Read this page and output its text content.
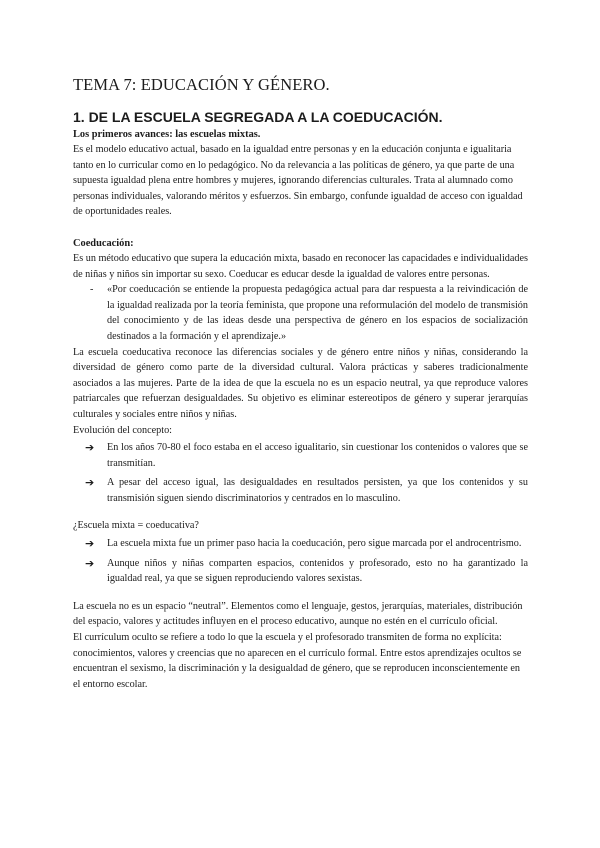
TEMA 7: EDUCACIÓN Y GÉNERO.
1. DE LA ESCUELA SEGREGADA A LA COEDUCACIÓN.
Los primeros avances: las escuelas mixtas.

Es el modelo educativo actual, basado en la igualdad entre personas y en la educación conjunta e igualitaria tanto en lo curricular como en lo pedagógico. No da relevancia a las políticas de género, ya que parte de una supuesta igualdad plena entre hombres y mujeres, ignorando diferencias culturales. Trata al alumnado como personas individuales, valorando méritos y esfuerzos. Sin embargo, confunde igualdad de acceso con igualdad de oportunidades reales.

Coeducación:

Es un método educativo que supera la educación mixta, basado en reconocer las capacidades e individualidades de niñas y niños sin importar su sexo. Coeducar es educar desde la igualdad de valores entre personas.

- «Por coeducación se entiende la propuesta pedagógica actual para dar respuesta a la reivindicación de la igualdad realizada por la teoría feminista, que propone una reformulación del modelo de transmisión del conocimiento y de las ideas desde una perspectiva de género en los espacios de socialización destinados a la formación y el aprendizaje.»

La escuela coeducativa reconoce las diferencias sociales y de género entre niños y niñas, considerando la diversidad de género como parte de la diversidad cultural. Valora prácticas y saberes tradicionalmente asociados a las mujeres. Parte de la idea de que la escuela no es un espacio neutral, ya que reproduce valores patriarcales que refuerzan desigualdades. Su objetivo es eliminar estereotipos de género y superar jerarquías culturales y sociales entre niños y niñas.

Evolución del concepto:

➔ En los años 70-80 el foco estaba en el acceso igualitario, sin cuestionar los contenidos o valores que se transmitían.
➔ A pesar del acceso igual, las desigualdades en resultados persisten, ya que los contenidos y su transmisión siguen siendo discriminatorios y centrados en lo masculino.

¿Escuela mixta = coeducativa?

➔ La escuela mixta fue un primer paso hacia la coeducación, pero sigue marcada por el androcentrismo.
➔ Aunque niños y niñas comparten espacios, contenidos y profesorado, esto no ha garantizado la igualdad real, ya que se siguen reproduciendo valores sexistas.

La escuela no es un espacio “neutral”. Elementos como el lenguaje, gestos, jerarquías, materiales, distribución del espacio, valores y actitudes influyen en el proceso educativo, aunque no estén en el currículo oficial.

El currículum oculto se refiere a todo lo que la escuela y el profesorado transmiten de forma no explícita: conocimientos, valores y creencias que no aparecen en el currículo formal. Entre estos aprendizajes ocultos se encuentran el sexismo, la discriminación y la desigualdad de género, que se reproducen inconscientemente en el entorno escolar.
